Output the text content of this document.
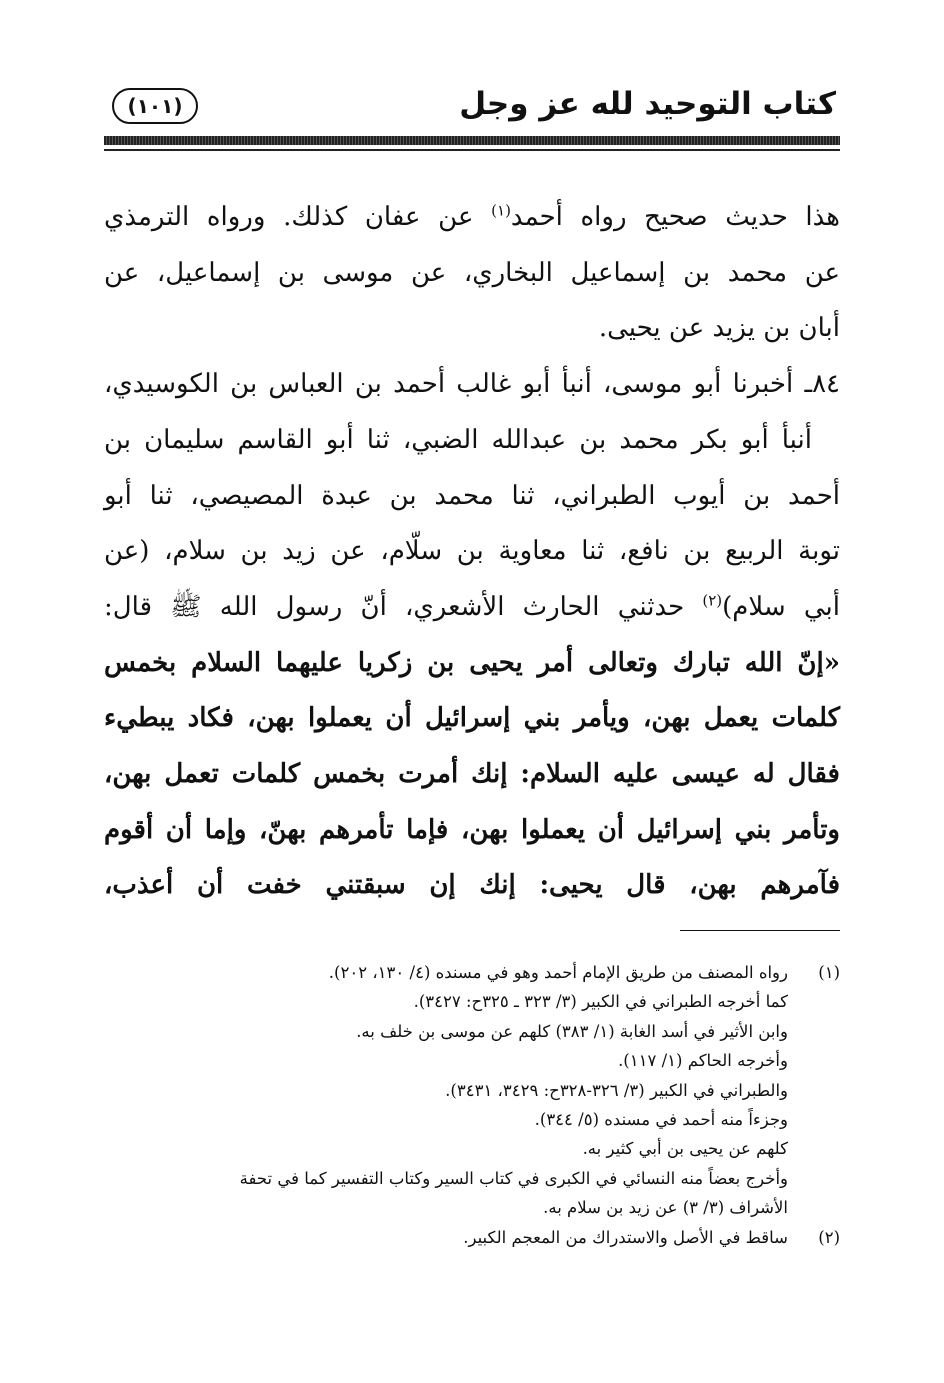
كتاب التوحيد لله عز وجل
(١٠١)

هذا حديث صحيح رواه أحمد$^{(١)}$ عن عفان كذلك. ورواه الترمذي
عن محمد بن إسماعيل البخاري، عن موسى بن إسماعيل، عن
أبان بن يزيد عن يحيى.

٨٤ـ أخبرنا أبو موسى، أنبأ أبو غالب أحمد بن العباس بن الكوسيدي،
أنبأ أبو بكر محمد بن عبدالله الضبي، ثنا أبو القاسم سليمان بن
أحمد بن أيوب الطبراني، ثنا محمد بن عبدة المصيصي، ثنا أبو
توبة الربيع بن نافع، ثنا معاوية بن سلّام، عن زيد بن سلام، (عن
أبي سلام)$^{(٢)}$ حدثني الحارث الأشعري، أنّ رسول الله ﷺ قال:
«إنّ الله تبارك وتعالى أمر يحيى بن زكريا عليهما السلام بخمس
كلمات يعمل بهن، ويأمر بني إسرائيل أن يعملوا بهن، فكاد يبطيء
فقال له عيسى عليه السلام: إنك أمرت بخمس كلمات تعمل بهن،
وتأمر بني إسرائيل أن يعملوا بهن، فإما تأمرهم بهنّ، وإما أن أقوم
فآمرهم بهن، قال يحيى: إنك إن سبقتني خفت أن أعذب،

(١)
رواه المصنف من طريق الإمام أحمد وهو في مسنده (٤/ ١٣٠، ٢٠٢).
كما أخرجه الطبراني في الكبير (٣/ ٣٢٣ ـ ٣٢٥ح: ٣٤٢٧).
وابن الأثير في أسد الغابة (١/ ٣٨٣) كلهم عن موسى بن خلف به.
وأخرجه الحاكم (١/ ١١٧).
والطبراني في الكبير (٣/ ٣٢٦-٣٢٨ح: ٣٤٢٩، ٣٤٣١).
وجزءاً منه أحمد في مسنده (٥/ ٣٤٤).
كلهم عن يحيى بن أبي كثير به.
وأخرج بعضاً منه النسائي في الكبرى في كتاب السير وكتاب التفسير كما في تحفة
الأشراف (٣/ ٣) عن زيد بن سلام به.
(٢)
ساقط في الأصل والاستدراك من المعجم الكبير.
